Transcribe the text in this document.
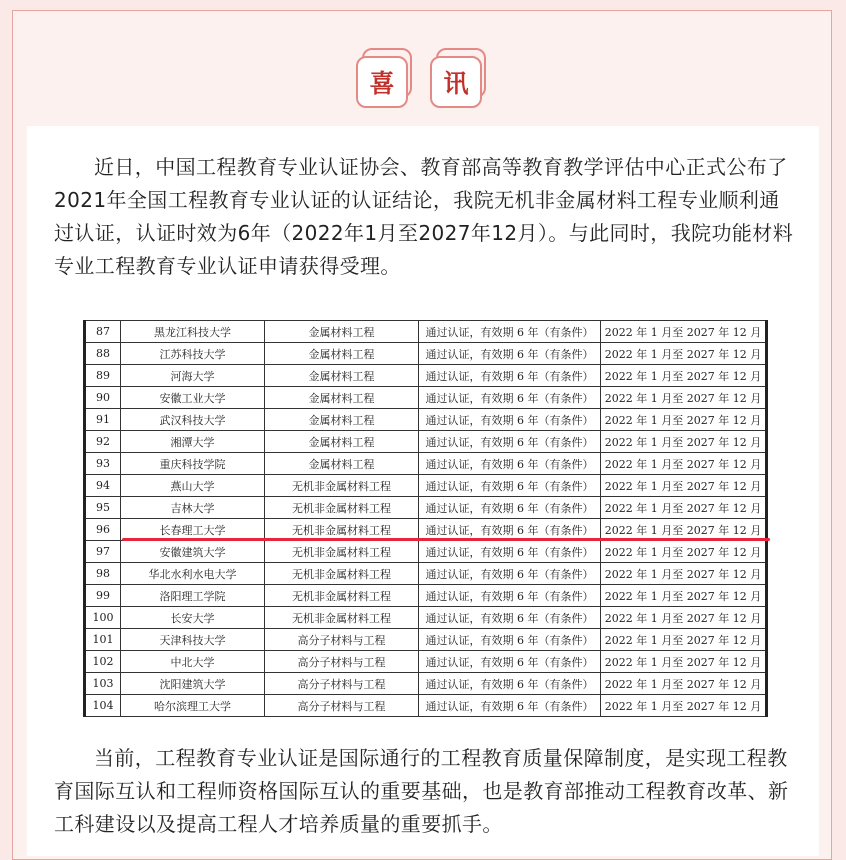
喜	讯

近日，中国工程教育专业认证协会、教育部高等教育教学评估中心正式公布了2021年全国工程教育专业认证的认证结论，我院无机非金属材料工程专业顺利通过认证，认证时效为6年（2022年1月至2027年12月）。与此同时，我院功能材料专业工程教育专业认证申请获得受理。

87	黑龙江科技大学	金属材料工程	通过认证，有效期 6 年（有条件）	2022 年 1 月至 2027 年 12 月
88	江苏科技大学	金属材料工程	通过认证，有效期 6 年（有条件）	2022 年 1 月至 2027 年 12 月
89	河海大学	金属材料工程	通过认证，有效期 6 年（有条件）	2022 年 1 月至 2027 年 12 月
90	安徽工业大学	金属材料工程	通过认证，有效期 6 年（有条件）	2022 年 1 月至 2027 年 12 月
91	武汉科技大学	金属材料工程	通过认证，有效期 6 年（有条件）	2022 年 1 月至 2027 年 12 月
92	湘潭大学	金属材料工程	通过认证，有效期 6 年（有条件）	2022 年 1 月至 2027 年 12 月
93	重庆科技学院	金属材料工程	通过认证，有效期 6 年（有条件）	2022 年 1 月至 2027 年 12 月
94	燕山大学	无机非金属材料工程	通过认证，有效期 6 年（有条件）	2022 年 1 月至 2027 年 12 月
95	吉林大学	无机非金属材料工程	通过认证，有效期 6 年（有条件）	2022 年 1 月至 2027 年 12 月
96	长春理工大学	无机非金属材料工程	通过认证，有效期 6 年（有条件）	2022 年 1 月至 2027 年 12 月
97	安徽建筑大学	无机非金属材料工程	通过认证，有效期 6 年（有条件）	2022 年 1 月至 2027 年 12 月
98	华北水利水电大学	无机非金属材料工程	通过认证，有效期 6 年（有条件）	2022 年 1 月至 2027 年 12 月
99	洛阳理工学院	无机非金属材料工程	通过认证，有效期 6 年（有条件）	2022 年 1 月至 2027 年 12 月
100	长安大学	无机非金属材料工程	通过认证，有效期 6 年（有条件）	2022 年 1 月至 2027 年 12 月
101	天津科技大学	高分子材料与工程	通过认证，有效期 6 年（有条件）	2022 年 1 月至 2027 年 12 月
102	中北大学	高分子材料与工程	通过认证，有效期 6 年（有条件）	2022 年 1 月至 2027 年 12 月
103	沈阳建筑大学	高分子材料与工程	通过认证，有效期 6 年（有条件）	2022 年 1 月至 2027 年 12 月
104	哈尔滨理工大学	高分子材料与工程	通过认证，有效期 6 年（有条件）	2022 年 1 月至 2027 年 12 月

当前，工程教育专业认证是国际通行的工程教育质量保障制度，是实现工程教育国际互认和工程师资格国际互认的重要基础，也是教育部推动工程教育改革、新工科建设以及提高工程人才培养质量的重要抓手。
